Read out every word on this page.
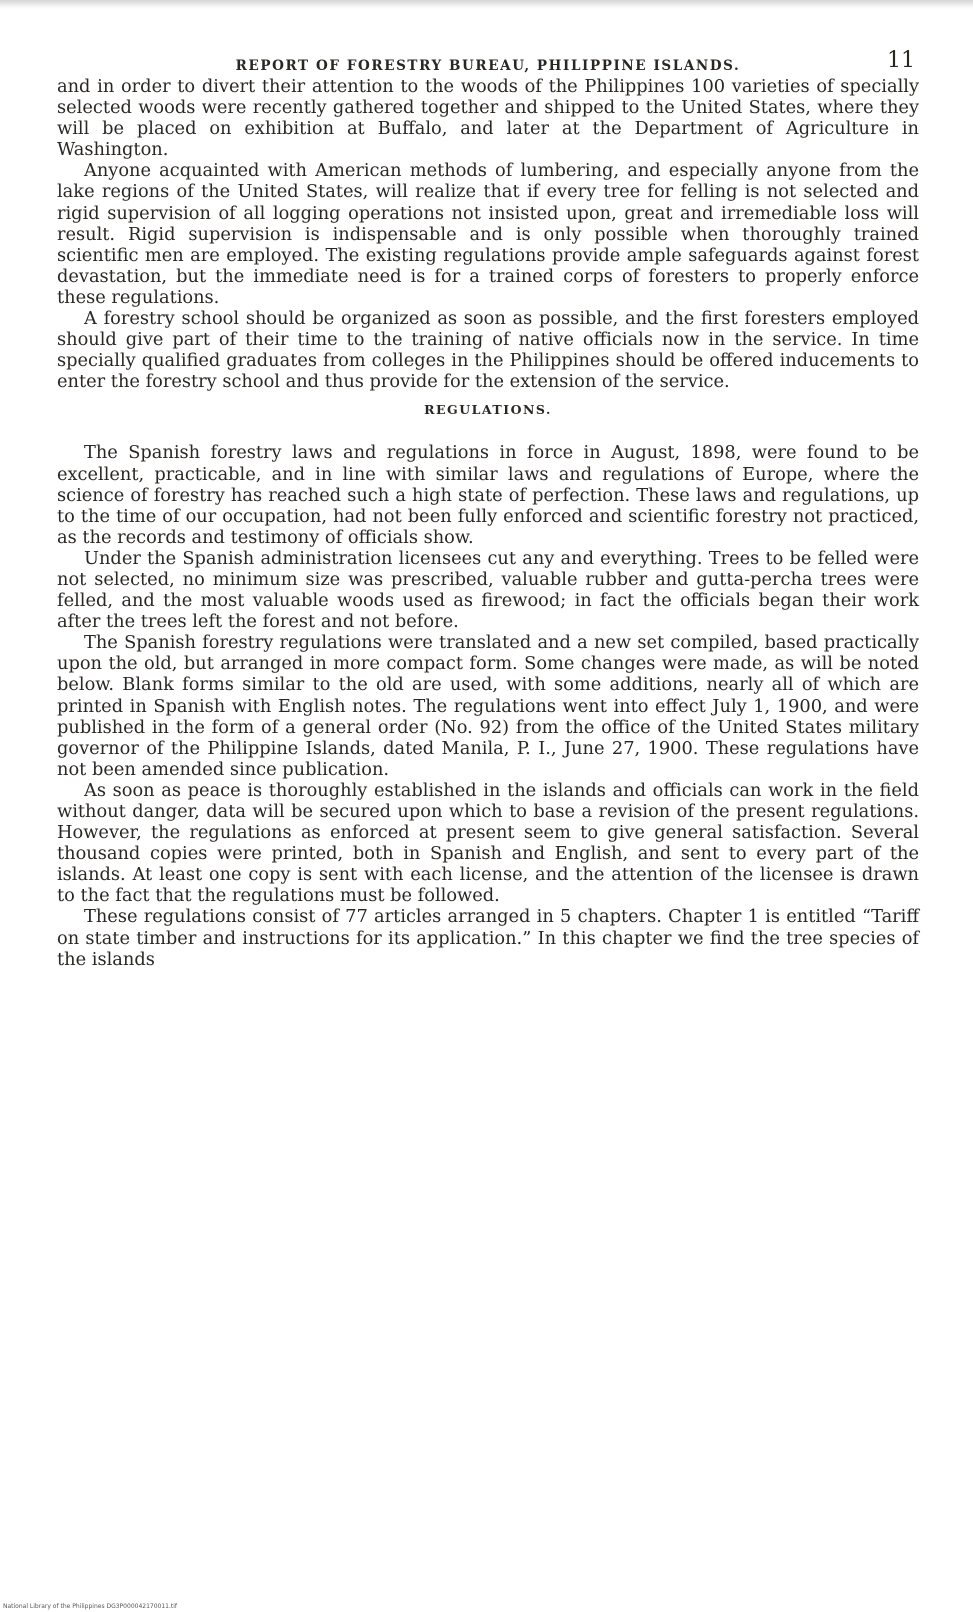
REPORT OF FORESTRY BUREAU, PHILIPPINE ISLANDS.	11

and in order to divert their attention to the woods of the Philippines 100 varieties of specially selected woods were recently gathered together and shipped to the United States, where they will be placed on exhibition at Buffalo, and later at the Department of Agriculture in Washington.

Anyone acquainted with American methods of lumbering, and especially anyone from the lake regions of the United States, will realize that if every tree for felling is not selected and rigid supervision of all logging operations not insisted upon, great and irremediable loss will result. Rigid supervision is indispensable and is only possible when thoroughly trained scientific men are employed. The existing regulations provide ample safeguards against forest devastation, but the immediate need is for a trained corps of foresters to properly enforce these regulations.

A forestry school should be organized as soon as possible, and the first foresters employed should give part of their time to the training of native officials now in the service. In time specially qualified graduates from colleges in the Philippines should be offered inducements to enter the forestry school and thus provide for the extension of the service.

REGULATIONS.

The Spanish forestry laws and regulations in force in August, 1898, were found to be excellent, practicable, and in line with similar laws and regulations of Europe, where the science of forestry has reached such a high state of perfection. These laws and regulations, up to the time of our occupation, had not been fully enforced and scientific forestry not practiced, as the records and testimony of officials show.

Under the Spanish administration licensees cut any and everything. Trees to be felled were not selected, no minimum size was prescribed, valuable rubber and gutta-percha trees were felled, and the most valuable woods used as firewood; in fact the officials began their work after the trees left the forest and not before.

The Spanish forestry regulations were translated and a new set compiled, based practically upon the old, but arranged in more compact form. Some changes were made, as will be noted below. Blank forms similar to the old are used, with some additions, nearly all of which are printed in Spanish with English notes. The regulations went into effect July 1, 1900, and were published in the form of a general order (No. 92) from the office of the United States military governor of the Philippine Islands, dated Manila, P. I., June 27, 1900. These regulations have not been amended since publication.

As soon as peace is thoroughly established in the islands and officials can work in the field without danger, data will be secured upon which to base a revision of the present regulations. However, the regulations as enforced at present seem to give general satisfaction. Several thousand copies were printed, both in Spanish and English, and sent to every part of the islands. At least one copy is sent with each license, and the attention of the licensee is drawn to the fact that the regulations must be followed.

These regulations consist of 77 articles arranged in 5 chapters. Chapter 1 is entitled “Tariff on state timber and instructions for its application.” In this chapter we find the tree species of the islands

National Library of the Philippines DG3P000042170011.tif
